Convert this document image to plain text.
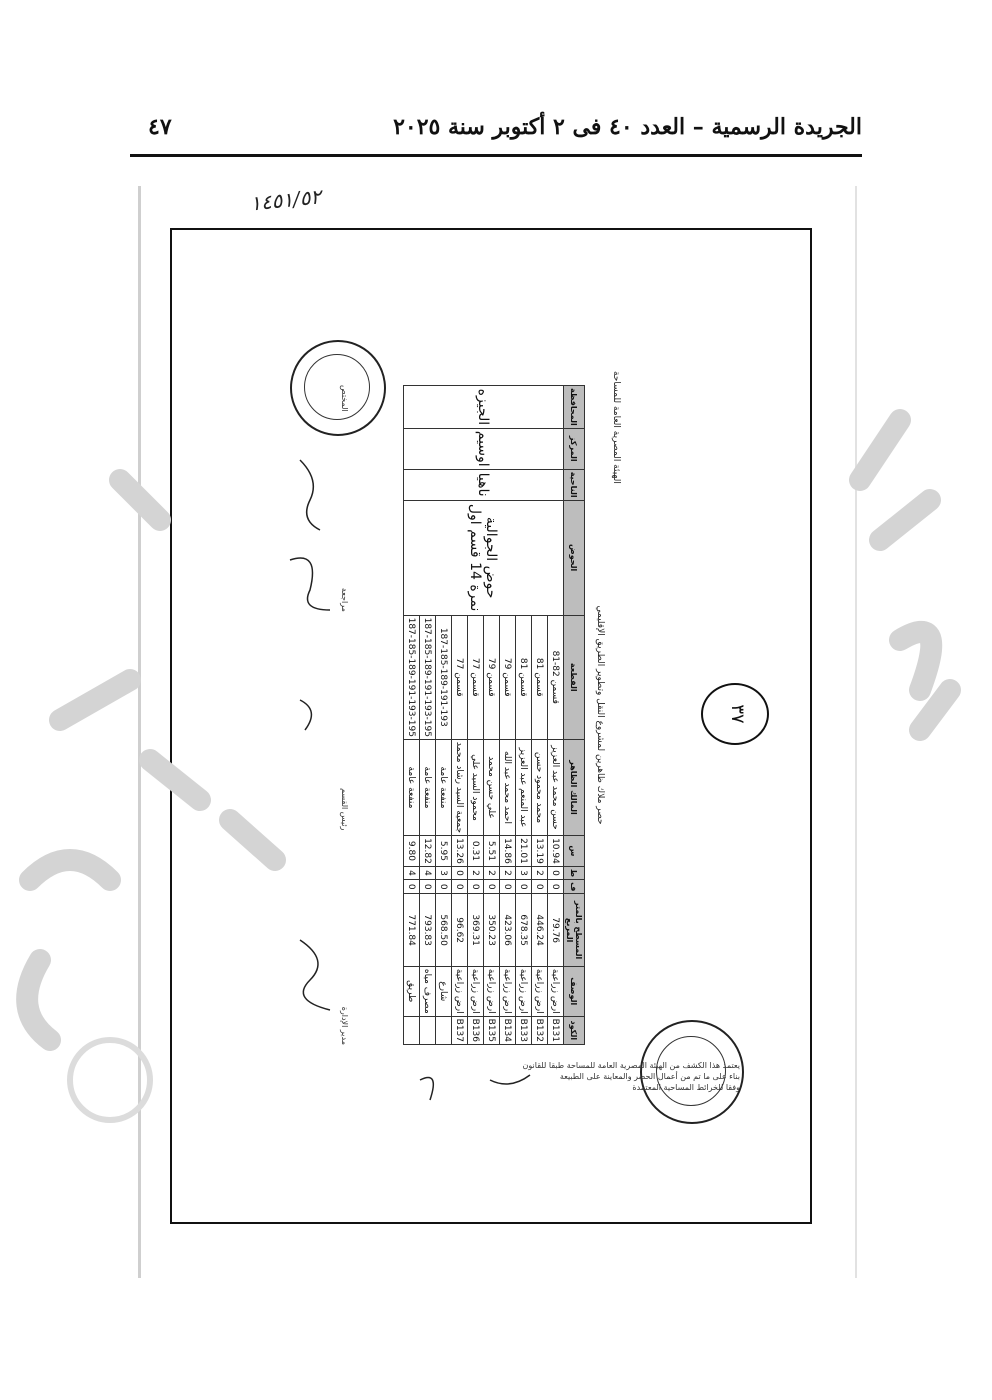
الجريدة الرسمية – العدد ٤٠ فى ٢ أكتوبر سنة ٢٠٢٥
٤٧
١٤٥١/٥٢
الهيئة المصرية العامة للمساحة
حصر ملاك ظاهرين لمشروع النقل وتطوير الطريق الإقليمي
الكود	الوصف	المسطح بالمتر المربع	ف	ط	س	المالك الظاهر	القطعة	الحوض	الناحية	المركز	المحافظة
B131	ارض زراعية	79.76	0	0	10.94	حسن محمد عبد العزيز	قسمن 82-81	حوض الجوالية نمرة 14 قسم اول	ناهيا	اوسيم	الجيزه
B132	ارض زراعية	446.24	0	2	13.19	محمد محمود حسن	قسمن 81				
B133	ارض زراعية	678.35	0	3	21.01	عبد المنعم عبد العزيز	قسمن 81				
B134	ارض زراعية	423.06	0	2	14.86	احمد محمد عبد الله	قسمن 79				
B135	ارض زراعية	350.23	0	2	5.51	علي حسن محمد	قسمن 79				
B136	ارض زراعية	369.31	0	2	0.31	محمود السيد علي	قسمن 77				
B137	ارض زراعية	96.62	0	0	13.26	جمعية السيد رشاد محمد	قسمن 77				
	شارع	568.50	0	3	5.95	منفعة عامة	187-185-189-191-193				
	مصرف مياه	793.83	0	4	12.82	منفعة عامة	187-185-189-191-193-195				
	طريق	771.84	0	4	9.80	منفعة عامة	187-185-189-191-193-195				
مدير الإدارة
رئيس القسم
مراجعة
المختص
٣٧
يعتمد هذا الكشف من الهيئة المصرية العامة للمساحة طبقا للقانون
بناء على ما تم من أعمال الحصر والمعاينة على الطبيعة
وفقا للخرائط المساحية المعتمدة
